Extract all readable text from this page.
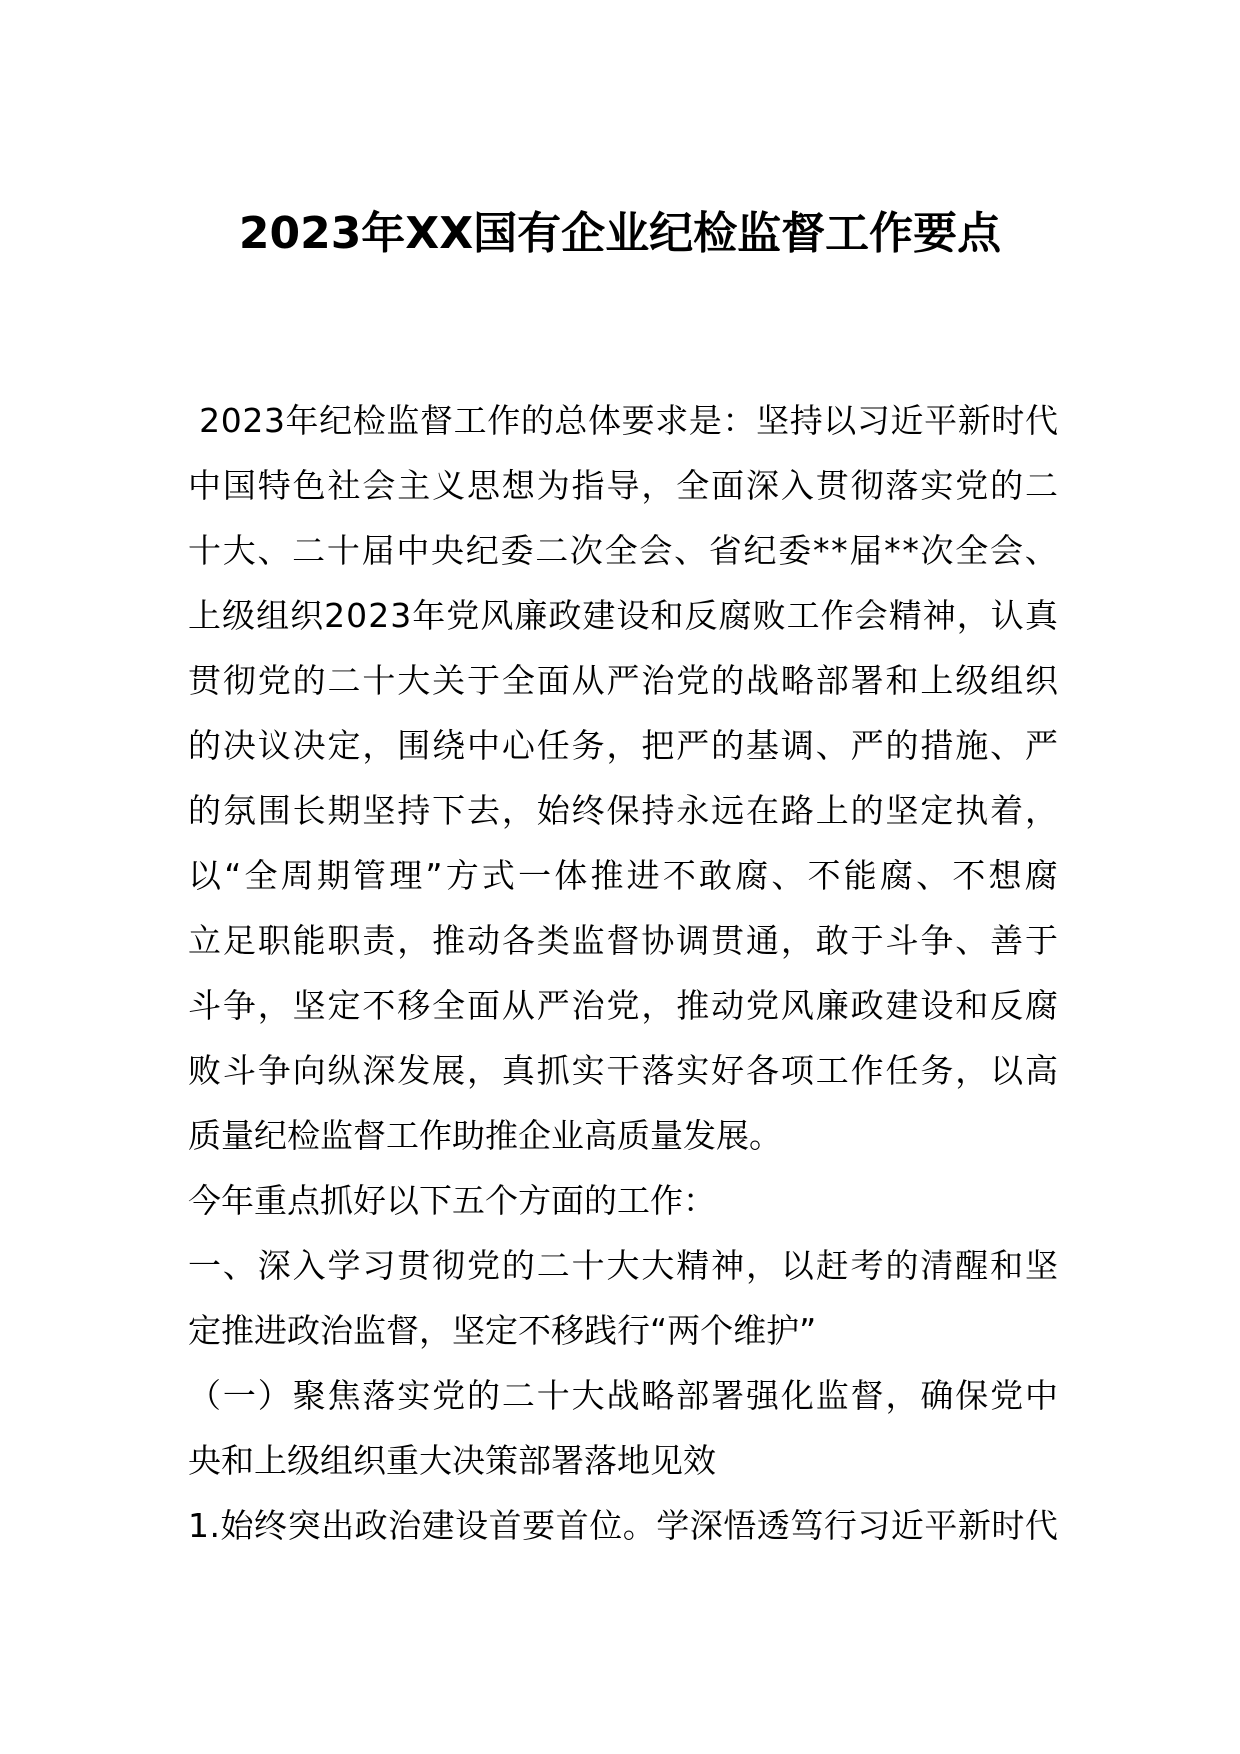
2023年XX国有企业纪检监督工作要点

2 0 2 3 年 纪 检 监 督 工 作 的 总 体 要 求 是 ： 坚 持 以 习 近 平 新 时 代
中 国 特 色 社 会 主 义 思 想 为 指 导 ， 全 面 深 入 贯 彻 落 实 党 的 二
十 大 、 二 十 届 中 央 纪 委 二 次 全 会 、 省 纪 委 * * 届 * * 次 全 会 、
上 级 组 织 2 0 2 3 年 党 风 廉 政 建 设 和 反 腐 败 工 作 会 精 神 ， 认 真
贯 彻 党 的 二 十 大 关 于 全 面 从 严 治 党 的 战 略 部 署 和 上 级 组 织
的 决 议 决 定 ， 围 绕 中 心 任 务 ， 把 严 的 基 调 、 严 的 措 施 、 严
的 氛 围 长 期 坚 持 下 去 ， 始 终 保 持 永 远 在 路 上 的 坚 定 执 着 ，
以 “ 全 周 期 管 理 ” 方 式 一 体 推 进 不 敢 腐 、 不 能 腐 、 不 想 腐
立 足 职 能 职 责 ， 推 动 各 类 监 督 协 调 贯 通 ， 敢 于 斗 争 、 善 于
斗 争 ， 坚 定 不 移 全 面 从 严 治 党 ， 推 动 党 风 廉 政 建 设 和 反 腐
败 斗 争 向 纵 深 发 展 ， 真 抓 实 干 落 实 好 各 项 工 作 任 务 ， 以 高
质量纪检监督工作助推企业高质量发展。
今年重点抓好以下五个方面的工作：
一 、 深 入 学 习 贯 彻 党 的 二 十 大 大 精 神 ， 以 赶 考 的 清 醒 和 坚
定推进政治监督，坚定不移践行“两个维护”
（ 一 ） 聚 焦 落 实 党 的 二 十 大 战 略 部 署 强 化 监 督 ， 确 保 党 中
央和上级组织重大决策部署落地见效
1 . 始 终 突 出 政 治 建 设 首 要 首 位 。 学 深 悟 透 笃 行 习 近 平 新 时 代
